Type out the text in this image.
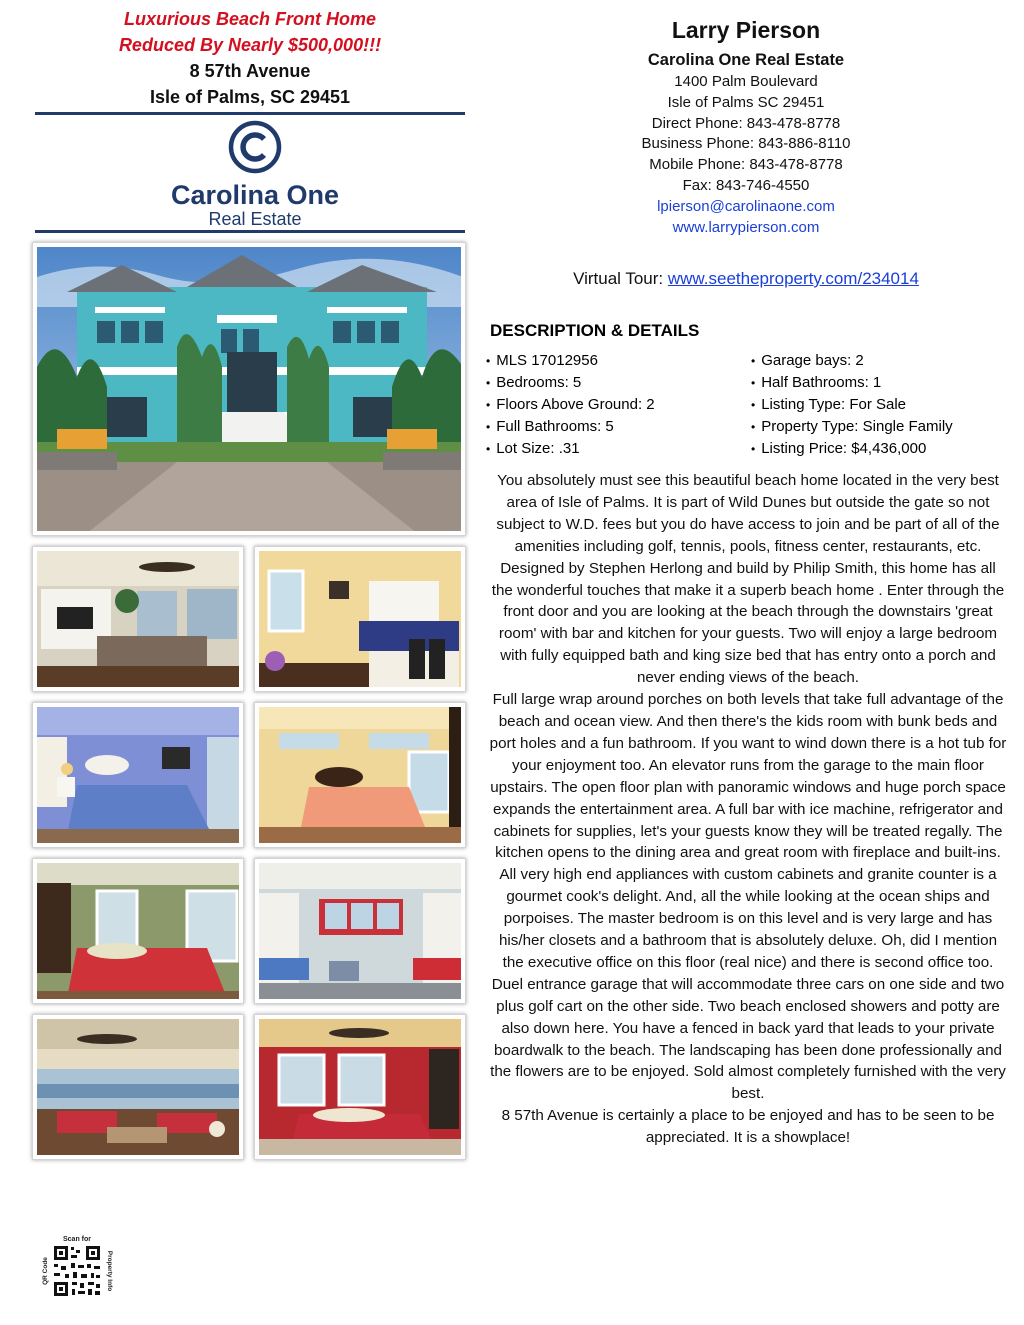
Luxurious Beach Front Home
Reduced By Nearly $500,000!!!
8 57th Avenue
Isle of Palms, SC 29451
Carolina One
Real Estate
Larry Pierson
Carolina One Real Estate
1400 Palm Boulevard
Isle of Palms SC 29451
Direct Phone: 843-478-8778
Business Phone: 843-886-8110
Mobile Phone: 843-478-8778
Fax: 843-746-4550
lpierson@carolinaone.com
www.larrypierson.com
Virtual Tour: www.seetheproperty.com/234014
DESCRIPTION & DETAILS
• MLS 17012956
• Bedrooms: 5
• Floors Above Ground: 2
• Full Bathrooms: 5
• Lot Size: .31
• Garage bays: 2
• Half Bathrooms: 1
• Listing Type: For Sale
• Property Type: Single Family
• Listing Price: $4,436,000

You absolutely must see this beautiful beach home located in the very best area of Isle of Palms. It is part of Wild Dunes but outside the gate so not subject to W.D. fees but you do have access to join and be part of all of the amenities including golf, tennis, pools, fitness center, restaurants, etc. Designed by Stephen Herlong and build by Philip Smith, this home has all the wonderful touches that make it a superb beach home . Enter through the front door and you are looking at the beach through the downstairs 'great room' with bar and kitchen for your guests. Two will enjoy a large bedroom with fully equipped bath and king size bed that has entry onto a porch and never ending views of the beach.

Full large wrap around porches on both levels that take full advantage of the beach and ocean view. And then there's the kids room with bunk beds and port holes and a fun bathroom. If you want to wind down there is a hot tub for your enjoyment too. An elevator runs from the garage to the main floor upstairs. The open floor plan with panoramic windows and huge porch space expands the entertainment area. A full bar with ice machine, refrigerator and cabinets for supplies, let's your guests know they will be treated regally. The kitchen opens to the dining area and great room with fireplace and built-ins. All very high end appliances with custom cabinets and granite counter is a gourmet cook's delight. And, all the while looking at the ocean ships and porpoises. The master bedroom is on this level and is very large and has his/her closets and a bathroom that is absolutely deluxe. Oh, did I mention the executive office on this floor (real nice) and there is second office too. Duel entrance garage that will accommodate three cars on one side and two plus golf cart on the other side. Two beach enclosed showers and potty are also down here. You have a fenced in back yard that leads to your private boardwalk to the beach. The landscaping has been done professionally and the flowers are to be enjoyed. Sold almost completely furnished with the very best.

8 57th Avenue is certainly a place to be enjoyed and has to be seen to be appreciated. It is a showplace!

Scan for
QR Code	Property Info
